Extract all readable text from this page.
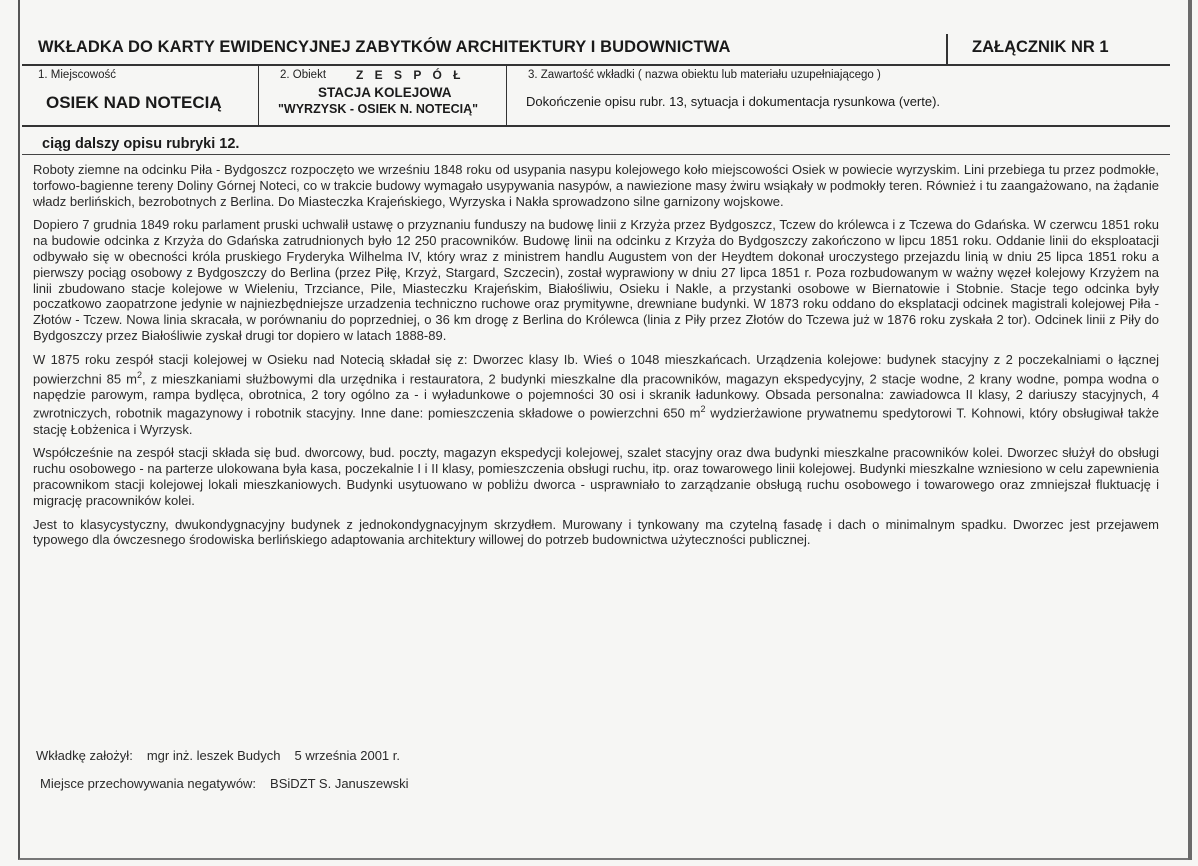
WKŁADKA DO KARTY EWIDENCYJNEJ ZABYTKÓW ARCHITEKTURY I BUDOWNICTWA	ZAŁĄCZNIK NR 1
1. Miejscowość
OSIEK NAD NOTECIĄ
2. Obiekt Z E S P Ó Ł
STACJA KOLEJOWA
"WYRZYSK - OSIEK N. NOTECIĄ"
3. Zawartość wkładki ( nazwa obiektu lub materiału uzupełniającego )
Dokończenie opisu rubr. 13, sytuacja i dokumentacja rysunkowa (verte).
ciąg dalszy opisu rubryki 12.

Roboty ziemne na odcinku Piła - Bydgoszcz rozpoczęto we wrześniu 1848 roku od usypania nasypu kolejowego koło miejscowości Osiek w powiecie wyrzyskim. Lini przebiega tu przez podmokłe, torfowo-bagienne tereny Doliny Górnej Noteci, co w trakcie budowy wymagało usypywania nasypów, a nawiezione masy żwiru wsiąkały w podmokły teren. Również i tu zaangażowano, na żądanie władz berlińskich, bezrobotnych z Berlina. Do Miasteczka Krajeńskiego, Wyrzyska i Nakła sprowadzono silne garnizony wojskowe.

Dopiero 7 grudnia 1849 roku parlament pruski uchwalił ustawę o przyznaniu funduszy na budowę linii z Krzyża przez Bydgoszcz, Tczew do królewca i z Tczewa do Gdańska. W czerwcu 1851 roku na budowie odcinka z Krzyża do Gdańska zatrudnionych było 12 250 pracowników. Budowę linii na odcinku z Krzyża do Bydgoszczy zakończono w lipcu 1851 roku. Oddanie linii do eksploatacji odbywało się w obecności króla pruskiego Fryderyka Wilhelma IV, który wraz z ministrem handlu Augustem von der Heydtem dokonał uroczystego przejazdu linią w dniu 25 lipca 1851 roku a pierwszy pociąg osobowy z Bydgoszczy do Berlina (przez Piłę, Krzyż, Stargard, Szczecin), został wyprawiony w dniu 27 lipca 1851 r. Poza rozbudowanym w ważny węzeł kolejowy Krzyżem na linii zbudowano stacje kolejowe w Wieleniu, Trzciance, Pile, Miasteczku Krajeńskim, Białośliwiu, Osieku i Nakle, a przystanki osobowe w Biernatowie i Stobnie. Stacje tego odcinka były poczatkowo zaopatrzone jedynie w najniezbędniejsze urzadzenia techniczno ruchowe oraz prymitywne, drewniane budynki. W 1873 roku oddano do eksplatacji odcinek magistrali kolejowej Piła - Złotów - Tczew. Nowa linia skracała, w porównaniu do poprzedniej, o 36 km drogę z Berlina do Królewca (linia z Piły przez Złotów do Tczewa już w 1876 roku zyskała 2 tor). Odcinek linii z Piły do Bydgoszczy przez Białośliwie zyskał drugi tor dopiero w latach 1888-89.

W 1875 roku zespół stacji kolejowej w Osieku nad Notecią składał się z: Dworzec klasy Ib. Wieś o 1048 mieszkańcach. Urządzenia kolejowe: budynek stacyjny z 2 poczekalniami o łącznej powierzchni 85 $m^2$, z mieszkaniami służbowymi dla urzędnika i restauratora, 2 budynki mieszkalne dla pracowników, magazyn ekspedycyjny, 2 stacje wodne, 2 krany wodne, pompa wodna o napędzie parowym, rampa bydlęca, obrotnica, 2 tory ogólno za - i wyładunkowe o pojemności 30 osi i skranik ładunkowy. Obsada personalna: zawiadowca II klasy, 2 dariuszy stacyjnych, 4 zwrotniczych, robotnik magazynowy i robotnik stacyjny. Inne dane: pomieszczenia składowe o powierzchni 650 $m^2$ wydzierżawione prywatnemu spedytorowi T. Kohnowi, który obsługiwał także stację Łobżenica i Wyrzysk.

Współcześnie na zespół stacji składa się bud. dworcowy, bud. poczty, magazyn ekspedycji kolejowej, szalet stacyjny oraz dwa budynki mieszkalne pracowników kolei. Dworzec służył do obsługi ruchu osobowego - na parterze ulokowana była kasa, poczekalnie I i II klasy, pomieszczenia obsługi ruchu, itp. oraz towarowego linii kolejowej. Budynki mieszkalne wzniesiono w celu zapewnienia pracownikom stacji kolejowej lokali mieszkaniowych. Budynki usytuowano w pobliżu dworca - usprawniało to zarządzanie obsługą ruchu osobowego i towarowego oraz zmniejszał fluktuację i migrację pracowników kolei.

Jest to klasycystyczny, dwukondygnacyjny budynek z jednokondygnacyjnym skrzydłem. Murowany i tynkowany ma czytelną fasadę i dach o minimalnym spadku. Dworzec jest przejawem typowego dla ówczesnego środowiska berlińskiego adaptowania architektury willowej do potrzeb budownictwa użyteczności publicznej.

Wkładkę założył: mgr inż. leszek Budych 5 września 2001 r.
Miejsce przechowywania negatywów: BSiDZT S. Januszewski
